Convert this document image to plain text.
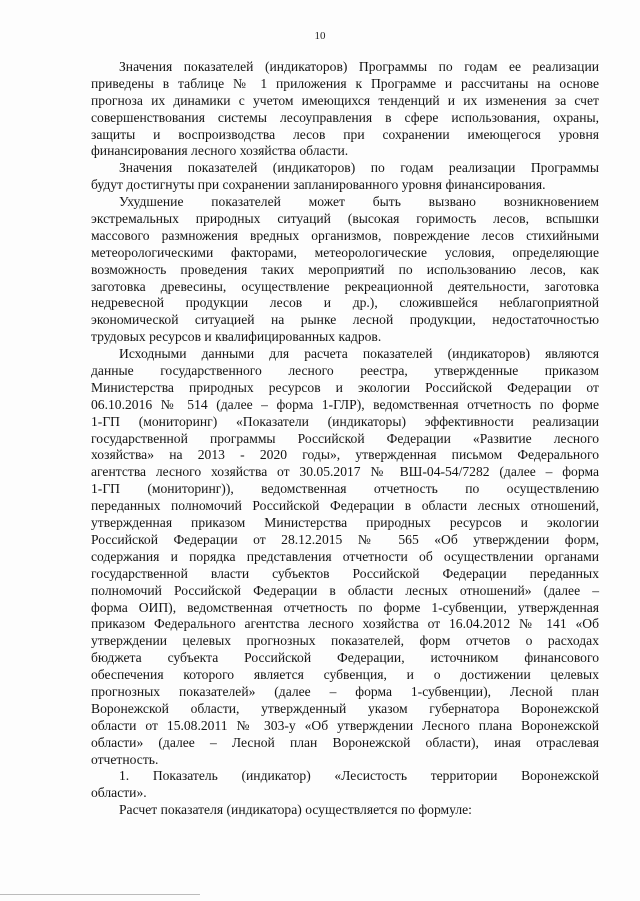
10
Значения показателей (индикаторов) Программы по годам ее реализации
приведены в таблице № 1 приложения к Программе и рассчитаны на основе
прогноза их динамики с учетом имеющихся тенденций и их изменения за счет
совершенствования системы лесоуправления в сфере использования, охраны,
защиты и воспроизводства лесов при сохранении имеющегося уровня
финансирования лесного хозяйства области.
Значения показателей (индикаторов) по годам реализации Программы
будут достигнуты при сохранении запланированного уровня финансирования.
Ухудшение показателей может быть вызвано возникновением
экстремальных природных ситуаций (высокая горимость лесов, вспышки
массового размножения вредных организмов, повреждение лесов стихийными
метеорологическими факторами, метеорологические условия, определяющие
возможность проведения таких мероприятий по использованию лесов, как
заготовка древесины, осуществление рекреационной деятельности, заготовка
недревесной продукции лесов и др.), сложившейся неблагоприятной
экономической ситуацией на рынке лесной продукции, недостаточностью
трудовых ресурсов и квалифицированных кадров.
Исходными данными для расчета показателей (индикаторов) являются
данные государственного лесного реестра, утвержденные приказом
Министерства природных ресурсов и экологии Российской Федерации от
06.10.2016 № 514 (далее – форма 1-ГЛР), ведомственная отчетность по форме
1-ГП (мониторинг) «Показатели (индикаторы) эффективности реализации
государственной программы Российской Федерации «Развитие лесного
хозяйства» на 2013 - 2020 годы», утвержденная письмом Федерального
агентства лесного хозяйства от 30.05.2017 № ВШ-04-54/7282 (далее – форма
1-ГП (мониторинг)), ведомственная отчетность по осуществлению
переданных полномочий Российской Федерации в области лесных отношений,
утвержденная приказом Министерства природных ресурсов и экологии
Российской Федерации от 28.12.2015 № 565 «Об утверждении форм,
содержания и порядка представления отчетности об осуществлении органами
государственной власти субъектов Российской Федерации переданных
полномочий Российской Федерации в области лесных отношений» (далее –
форма ОИП), ведомственная отчетность по форме 1-субвенции, утвержденная
приказом Федерального агентства лесного хозяйства от 16.04.2012 № 141 «Об
утверждении целевых прогнозных показателей, форм отчетов о расходах
бюджета субъекта Российской Федерации, источником финансового
обеспечения которого является субвенция, и о достижении целевых
прогнозных показателей» (далее – форма 1-субвенции), Лесной план
Воронежской области, утвержденный указом губернатора Воронежской
области от 15.08.2011 № 303-у «Об утверждении Лесного плана Воронежской
области» (далее – Лесной план Воронежской области), иная отраслевая
отчетность.
1. Показатель (индикатор) «Лесистость территории Воронежской
области».
Расчет показателя (индикатора) осуществляется по формуле:
